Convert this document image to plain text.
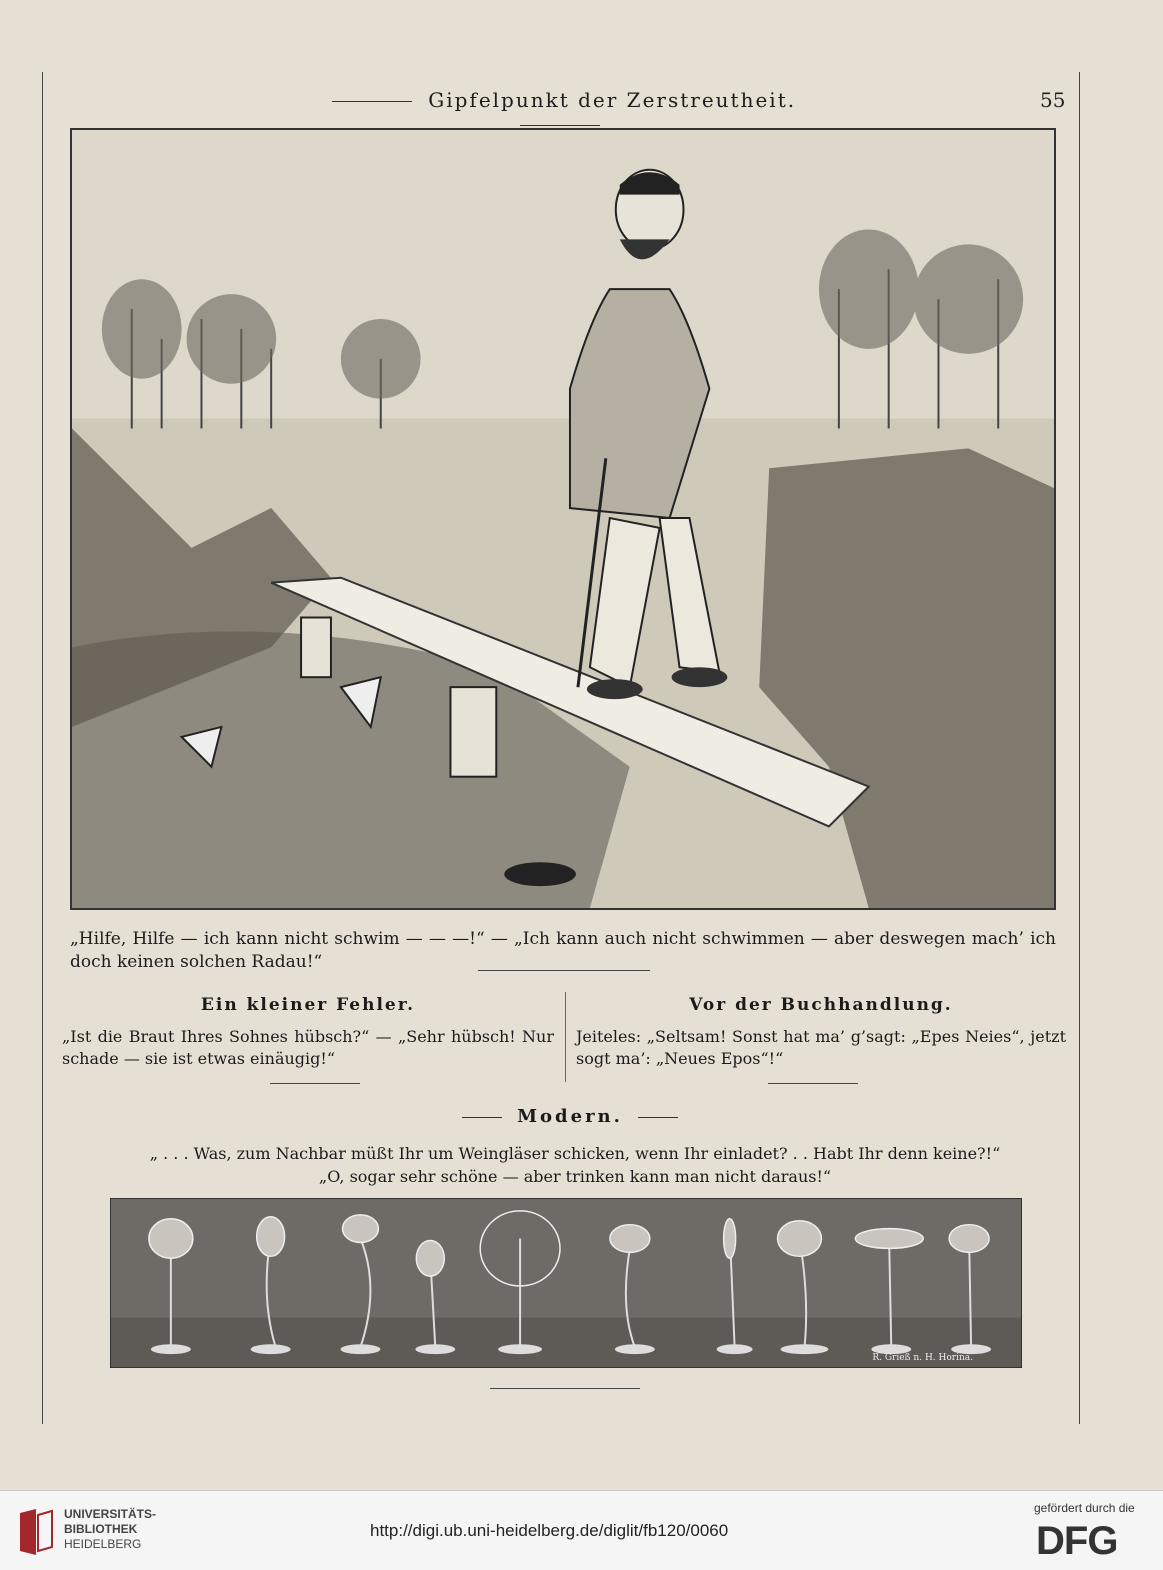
Gipfelpunkt der Zerstreutheit.	55
„Hilfe, Hilfe — ich kann nicht schwim — — —!“ — „Ich kann auch nicht schwimmen — aber deswegen mach’ ich doch keinen solchen Radau!“
Ein kleiner Fehler.
„Ist die Braut Ihres Sohnes hübsch?“ — „Sehr hübsch! Nur schade — sie ist etwas einäugig!“
Vor der Buchhandlung.
Jeiteles: „Seltsam! Sonst hat ma’ g’sagt: „Epes Neies“, jetzt sogt ma’: „Neues Epos“!“
Modern.
„ . . . Was, zum Nachbar müßt Ihr um Weingläser schicken, wenn Ihr einladet? . . Habt Ihr denn keine?!“
„O, sogar sehr schöne — aber trinken kann man nicht daraus!“
R. Grieß n. H. Horina.
UNIVERSITÄTS-
BIBLIOTHEK
HEIDELBERG
http://digi.ub.uni-heidelberg.de/diglit/fb120/0060
gefördert durch die
DFG
